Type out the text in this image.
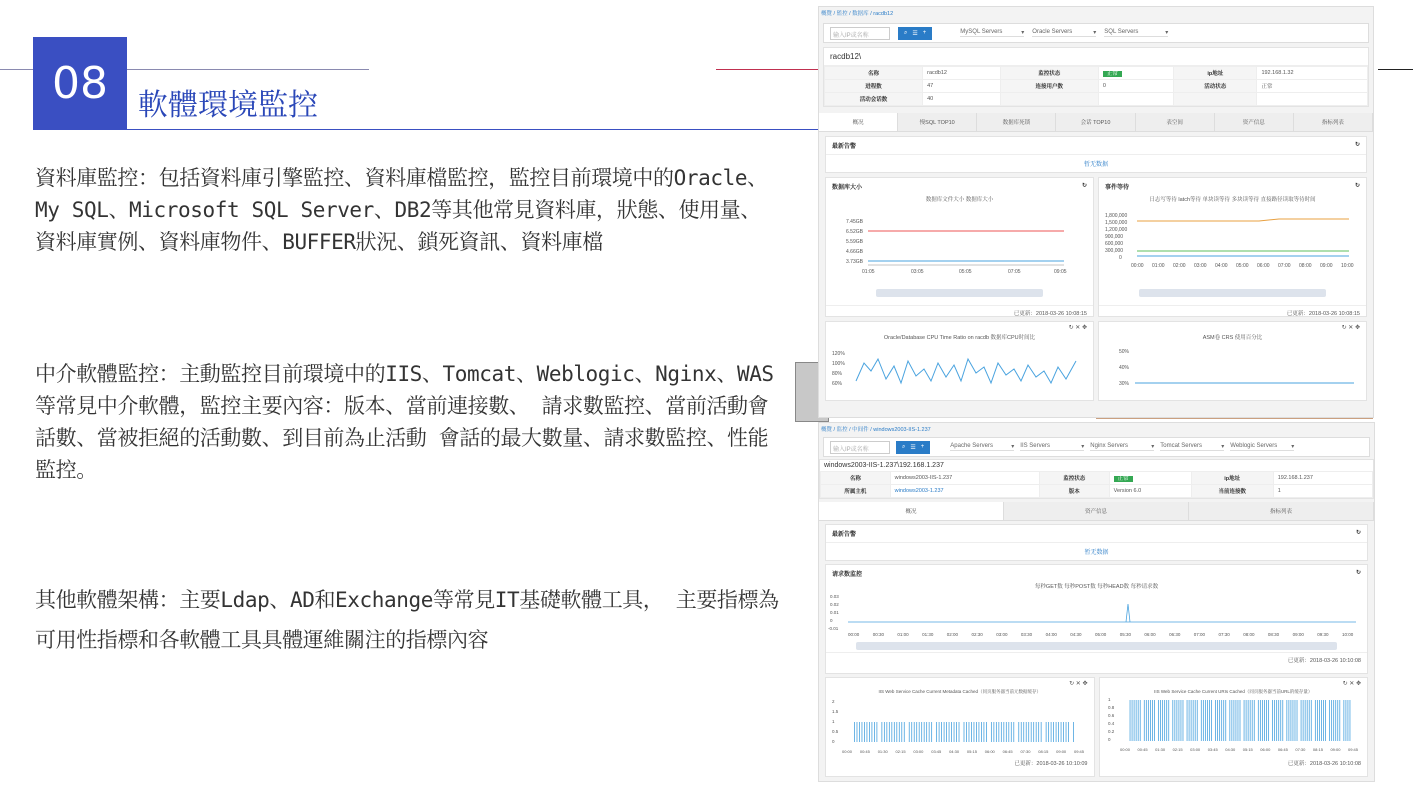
08	軟體環境監控
資料庫監控：包括資料庫引擎監控、資料庫檔監控，監控目前環境中的Oracle、My SQL、Microsoft SQL Server、DB2等其他常見資料庫，狀態、使用量、資料庫實例、資料庫物件、BUFFER狀況、鎖死資訊、資料庫檔
中介軟體監控：主動監控目前環境中的IIS、Tomcat、Weblogic、Nginx、WAS等常見中介軟體，監控主要內容：版本、當前連接數、 請求數監控、當前活動會話數、當被拒絕的活動數、到目前為止活動 會話的最大數量、請求數監控、性能監控。
其他軟體架構：主要Ldap、AD和Exchange等常見IT基礎軟體工具， 主要指標為可用性指標和各軟體工具具體運維關注的指標內容
概覽 / 監控 / 数据库 / racdb12
输入IP或名称	⌕ ☰ +	MySQL Servers	▾ Oracle Servers	▾ SQL Servers	▾
racdb12\
名称	racdb12	监控状态	正常	ip地址	192.168.1.32
进程数	47	连接用户数	0	活动状态	正常
活动会话数	40				
概况	慢SQL TOP10	数据库死锁	会话 TOP10	表空间	资产信息	指标列表
最新告警	↻
暂无数据
数据库大小	↻
数据库文件大小 数据库大小
7.45GB
6.52GB
5.59GB
4.66GB
3.73GB
01:05	03:05	05:05	07:05	09:05
已更新：2018-03-26 10:08:15
事件等待	↻
日志写等待 latch等待 单块读等待 多块读等待 直接路径读取等待时间
1,800,000
1,500,000
1,200,000
900,000
600,000
300,000
0
00:00 01:00 02:00 03:00 04:00 05:00 06:00 07:00 08:00 09:00 10:00
已更新：2018-03-26 10:08:15
↻ ✕ ✥
Oracle/Database CPU Time Ratio on racdb 数据库CPU时间比
120%
100%
80%
60%
↻ ✕ ✥
ASM卷 CRS 使用百分比
50%
40%
30%
概覽 / 监控 / 中间件 / windows2003-IIS-1.237
输入IP或名称	⌕ ☰ +	Apache Servers	▾ IIS Servers	▾ Nginx Servers	▾ Tomcat Servers	▾ Weblogic Servers ▾
windows2003-IIS-1.237\192.168.1.237
名称	windows2003-IIS-1.237	监控状态	正常	ip地址	192.168.1.237
所属主机	windows2003-1.237	版本	Version 6.0	当前连接数	1
概况	资产信息	指标列表
最新告警	↻
暂无数据
请求数监控	↻
每秒GET数 每秒POST数 每秒HEAD数 每秒请求数
0.03
0.02
0.01
0
-0.01
00:00	00:30	01:00	01:30	02:00	02:30	03:00	03:30	04:00	04:30	05:00	05:30	06:00	06:30	07:00	07:30	08:00	08:30	09:00	09:30	10:00
已更新：2018-03-26 10:10:08
↻ ✕ ✥
IIS Web Service Cache Current Metadata Cached（同页服务器当前元数据缓存）
2
1.5
1
0.5
0
00:00 00:45 01:30 02:15 03:00 03:45 04:30 05:15 06:00 06:45 07:30 08:15 09:00 09:45
已更新：2018-03-26 10:10:09
↻ ✕ ✥
IIS Web Service Cache Current URIs Cached（同页服务器当前URL的缓存量）
1
0.8
0.6
0.4
0.2
0
00:00 00:45 01:30 02:15 03:00 03:45 04:30 05:15 06:00 06:45 07:30 08:15 09:00 09:45
已更新：2018-03-26 10:10:08
